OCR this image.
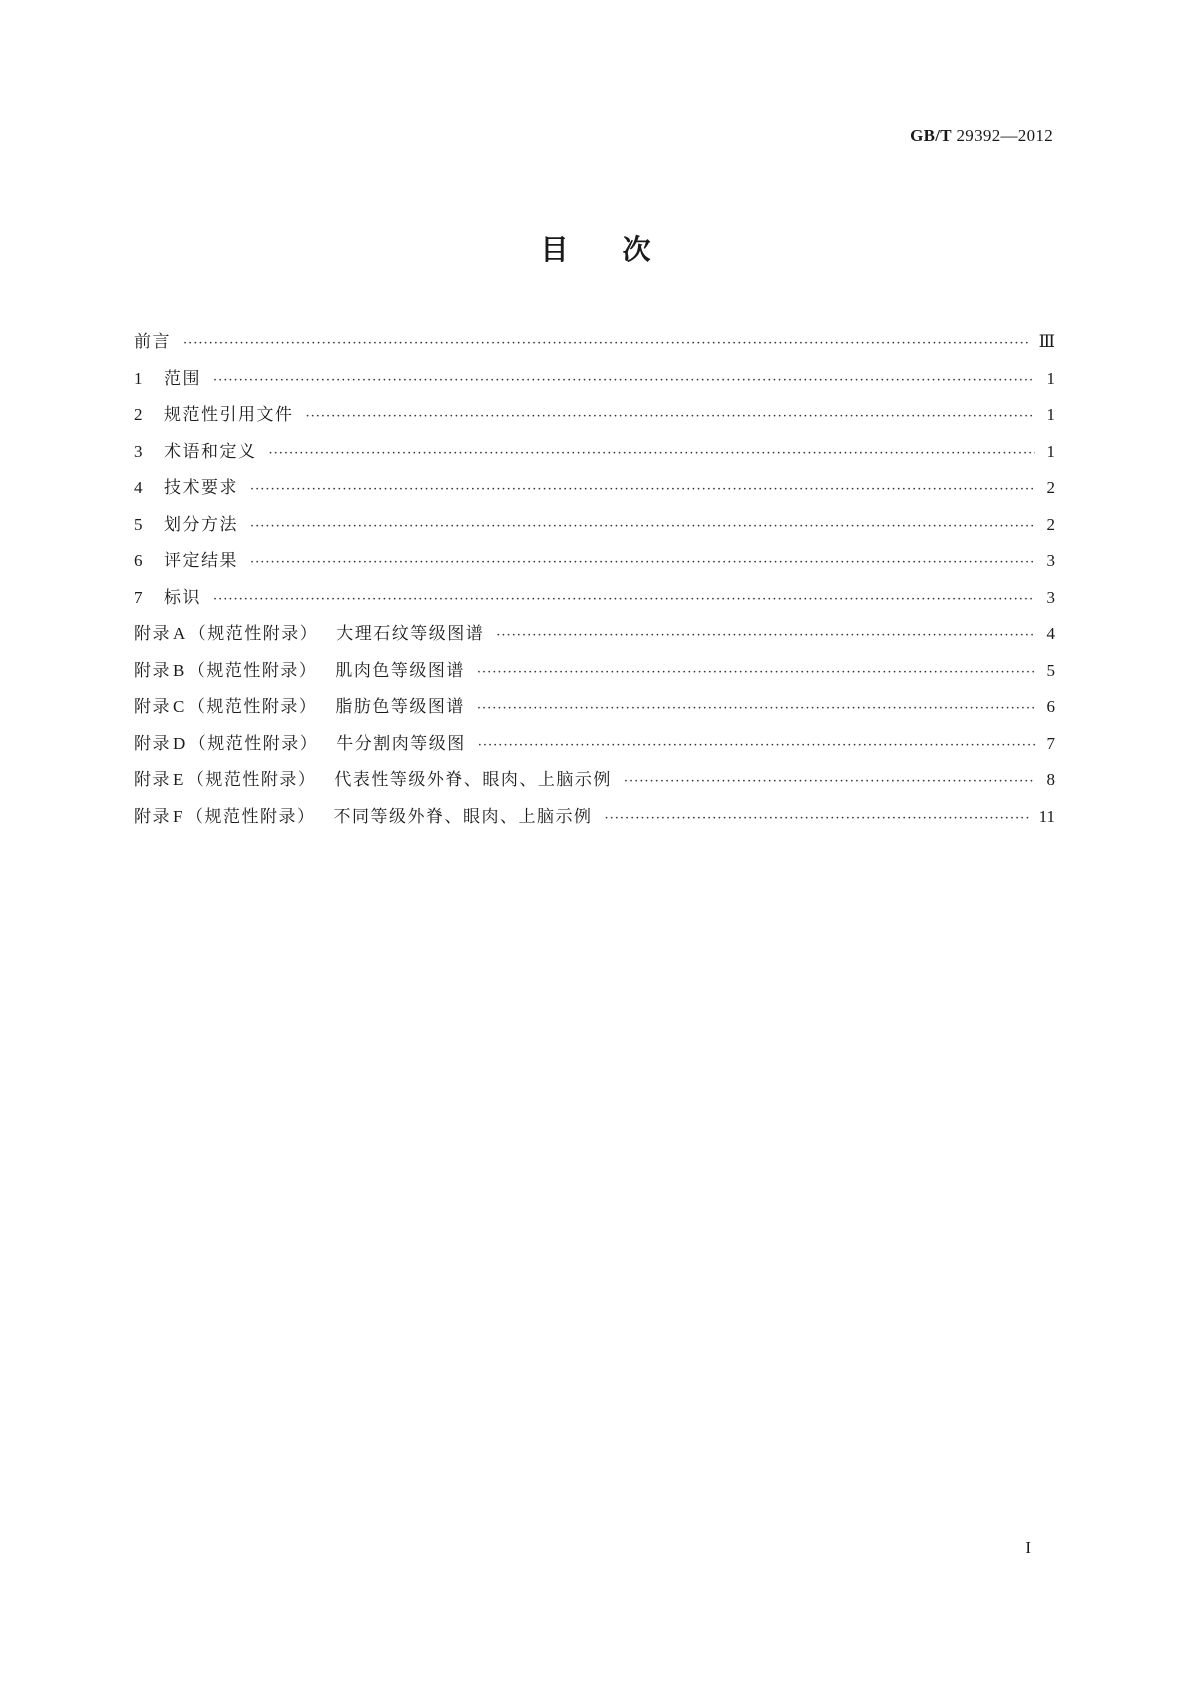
GB/T 29392—2012
目次
前言 ·····	Ⅲ
1	范围 ·····	1
2	规范性引用文件 ·····	1
3	术语和定义 ·····	1
4	技术要求 ·····	2
5	划分方法 ·····	2
6	评定结果 ·····	3
7	标识 ·····	3
附录 A （规范性附录） 大理石纹等级图谱 ·····	4
附录 B （规范性附录） 肌肉色等级图谱 ·····	5
附录 C （规范性附录） 脂肪色等级图谱 ·····	6
附录 D （规范性附录） 牛分割肉等级图 ·····	7
附录 E （规范性附录） 代表性等级外脊、眼肉、上脑示例 ·····	8
附录 F （规范性附录） 不同等级外脊、眼肉、上脑示例 ·····	11
I
